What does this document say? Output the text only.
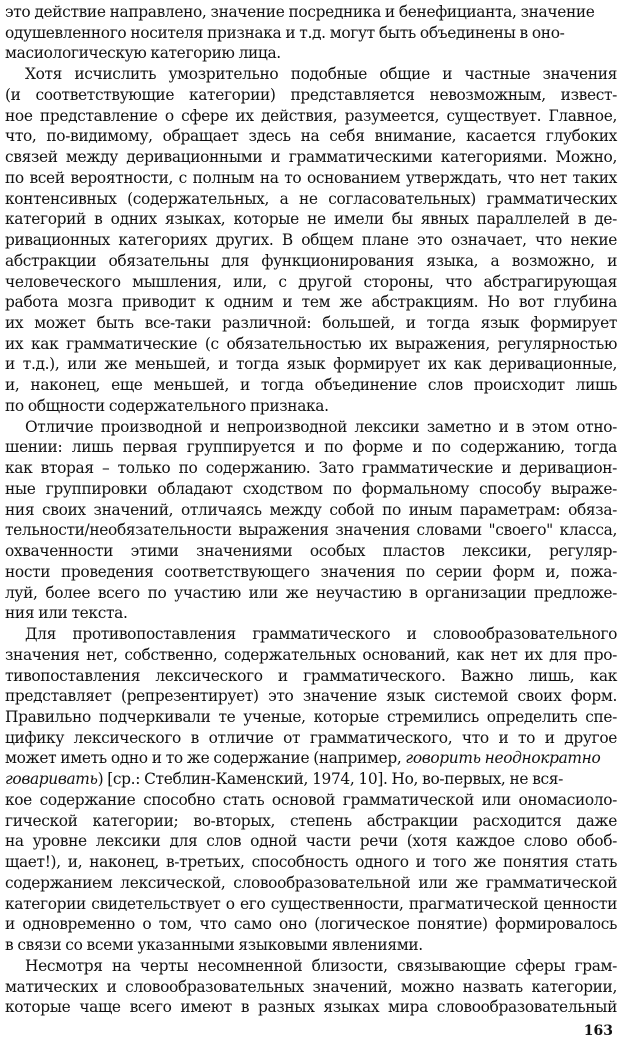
это действие направлено, значение посредника и бенефицианта, значение
одушевленного носителя признака и т.д. могут быть объединены в оно-
масиологическую категорию лица.
Хотя исчислить умозрительно подобные общие и частные значения
(и соответствующие категории) представляется невозможным, извест-
ное представление о сфере их действия, разумеется, существует. Главное,
что, по-видимому, обращает здесь на себя внимание, касается глубоких
связей между деривационными и грамматическими категориями. Можно,
по всей вероятности, с полным на то основанием утверждать, что нет таких
контенсивных (содержательных, а не согласовательных) грамматических
категорий в одних языках, которые не имели бы явных параллелей в де-
ривационных категориях других. В общем плане это означает, что некие
абстракции обязательны для функционирования языка, а возможно, и
человеческого мышления, или, с другой стороны, что абстрагирующая
работа мозга приводит к одним и тем же абстракциям. Но вот глубина
их может быть все-таки различной: большей, и тогда язык формирует
их как грамматические (с обязательностью их выражения, регулярностью
и т.д.), или же меньшей, и тогда язык формирует их как деривационные,
и, наконец, еще меньшей, и тогда объединение слов происходит лишь
по общности содержательного признака.
Отличие производной и непроизводной лексики заметно и в этом отно-
шении: лишь первая группируется и по форме и по содержанию, тогда
как вторая – только по содержанию. Зато грамматические и деривацион-
ные группировки обладают сходством по формальному способу выраже-
ния своих значений, отличаясь между собой по иным параметрам: обяза-
тельности/необязательности выражения значения словами "своего" класса,
охваченности этими значениями особых пластов лексики, регуляр-
ности проведения соответствующего значения по серии форм и, пожа-
луй, более всего по участию или же неучастию в организации предложе-
ния или текста.
Для противопоставления грамматического и словообразовательного
значения нет, собственно, содержательных оснований, как нет их для про-
тивопоставления лексического и грамматического. Важно лишь, как
представляет (репрезентирует) это значение язык системой своих форм.
Правильно подчеркивали те ученые, которые стремились определить спе-
цифику лексического в отличие от грамматического, что и то и другое
может иметь одно и то же содержание (например, говорить неоднократно
говаривать) [ср.: Стеблин-Каменский, 1974, 10]. Но, во-первых, не вся-
кое содержание способно стать основой грамматической или ономасиоло-
гической категории; во-вторых, степень абстракции расходится даже
на уровне лексики для слов одной части речи (хотя каждое слово обоб-
щает!), и, наконец, в-третьих, способность одного и того же понятия стать
содержанием лексической, словообразовательной или же грамматической
категории свидетельствует о его существенности, прагматической ценности
и одновременно о том, что само оно (логическое понятие) формировалось
в связи со всеми указанными языковыми явлениями.
163
Несмотря на черты несомненной близости, связывающие сферы грам-
матических и словообразовательных значений, можно назвать категории,
которые чаще всего имеют в разных языках мира словообразовательный
